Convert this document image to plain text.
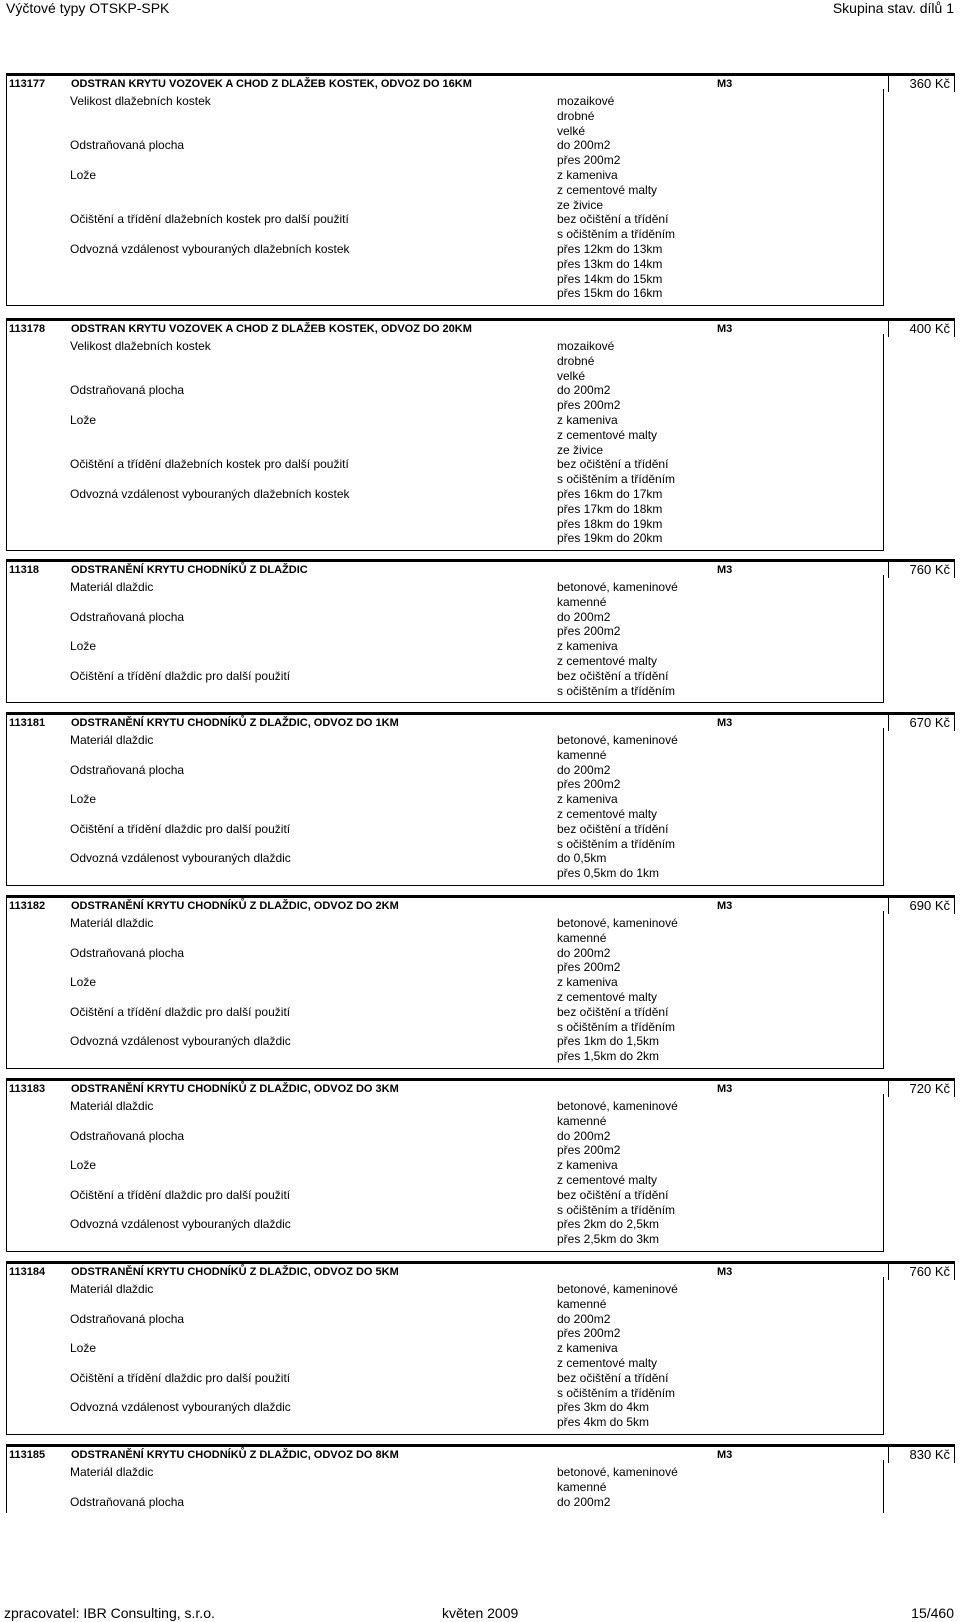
Výčtové typy OTSKP-SPK	Skupina stav. dílů 1
113177 ODSTRAN KRYTU VOZOVEK A CHOD Z DLAŽEB KOSTEK, ODVOZ DO 16KM	M3	360 Kč
Velikost dlažebních kostek	mozaikové
drobné
velké
Odstraňovaná plocha	do 200m2
přes 200m2
Lože	z kameniva
z cementové malty
ze živice
Očištění a třídění dlažebních kostek pro další použití	bez očištění a třídění
s očištěním a tříděním
Odvozná vzdálenost vybouraných dlažebních kostek	přes 12km do 13km
přes 13km do 14km
přes 14km do 15km
přes 15km do 16km
113178 ODSTRAN KRYTU VOZOVEK A CHOD Z DLAŽEB KOSTEK, ODVOZ DO 20KM	M3	400 Kč
Velikost dlažebních kostek	mozaikové
drobné
velké
Odstraňovaná plocha	do 200m2
přes 200m2
Lože	z kameniva
z cementové malty
ze živice
Očištění a třídění dlažebních kostek pro další použití	bez očištění a třídění
s očištěním a tříděním
Odvozná vzdálenost vybouraných dlažebních kostek	přes 16km do 17km
přes 17km do 18km
přes 18km do 19km
přes 19km do 20km
11318	ODSTRANĚNÍ KRYTU CHODNÍKŮ Z DLAŽDIC	M3	760 Kč
Materiál dlaždic	betonové, kameninové
kamenné
Odstraňovaná plocha	do 200m2
přes 200m2
Lože	z kameniva
z cementové malty
Očištění a třídění dlaždic pro další použití	bez očištění a třídění
s očištěním a tříděním
113181 ODSTRANĚNÍ KRYTU CHODNÍKŮ Z DLAŽDIC, ODVOZ DO 1KM	M3	670 Kč
Materiál dlaždic	betonové, kameninové
kamenné
Odstraňovaná plocha	do 200m2
přes 200m2
Lože	z kameniva
z cementové malty
Očištění a třídění dlaždic pro další použití	bez očištění a třídění
s očištěním a tříděním
Odvozná vzdálenost vybouraných dlaždic	do 0,5km
přes 0,5km do 1km
113182 ODSTRANĚNÍ KRYTU CHODNÍKŮ Z DLAŽDIC, ODVOZ DO 2KM	M3	690 Kč
Materiál dlaždic	betonové, kameninové
kamenné
Odstraňovaná plocha	do 200m2
přes 200m2
Lože	z kameniva
z cementové malty
Očištění a třídění dlaždic pro další použití	bez očištění a třídění
s očištěním a tříděním
Odvozná vzdálenost vybouraných dlaždic	přes 1km do 1,5km
přes 1,5km do 2km
113183 ODSTRANĚNÍ KRYTU CHODNÍKŮ Z DLAŽDIC, ODVOZ DO 3KM	M3	720 Kč
Materiál dlaždic	betonové, kameninové
kamenné
Odstraňovaná plocha	do 200m2
přes 200m2
Lože	z kameniva
z cementové malty
Očištění a třídění dlaždic pro další použití	bez očištění a třídění
s očištěním a tříděním
Odvozná vzdálenost vybouraných dlaždic	přes 2km do 2,5km
přes 2,5km do 3km
113184 ODSTRANĚNÍ KRYTU CHODNÍKŮ Z DLAŽDIC, ODVOZ DO 5KM	M3	760 Kč
Materiál dlaždic	betonové, kameninové
kamenné
Odstraňovaná plocha	do 200m2
přes 200m2
Lože	z kameniva
z cementové malty
Očištění a třídění dlaždic pro další použití	bez očištění a třídění
s očištěním a tříděním
Odvozná vzdálenost vybouraných dlaždic	přes 3km do 4km
přes 4km do 5km
113185 ODSTRANĚNÍ KRYTU CHODNÍKŮ Z DLAŽDIC, ODVOZ DO 8KM	M3	830 Kč
Materiál dlaždic	betonové, kameninové
kamenné
Odstraňovaná plocha	do 200m2
zpracovatel: IBR Consulting, s.r.o.	květen 2009	15/460
